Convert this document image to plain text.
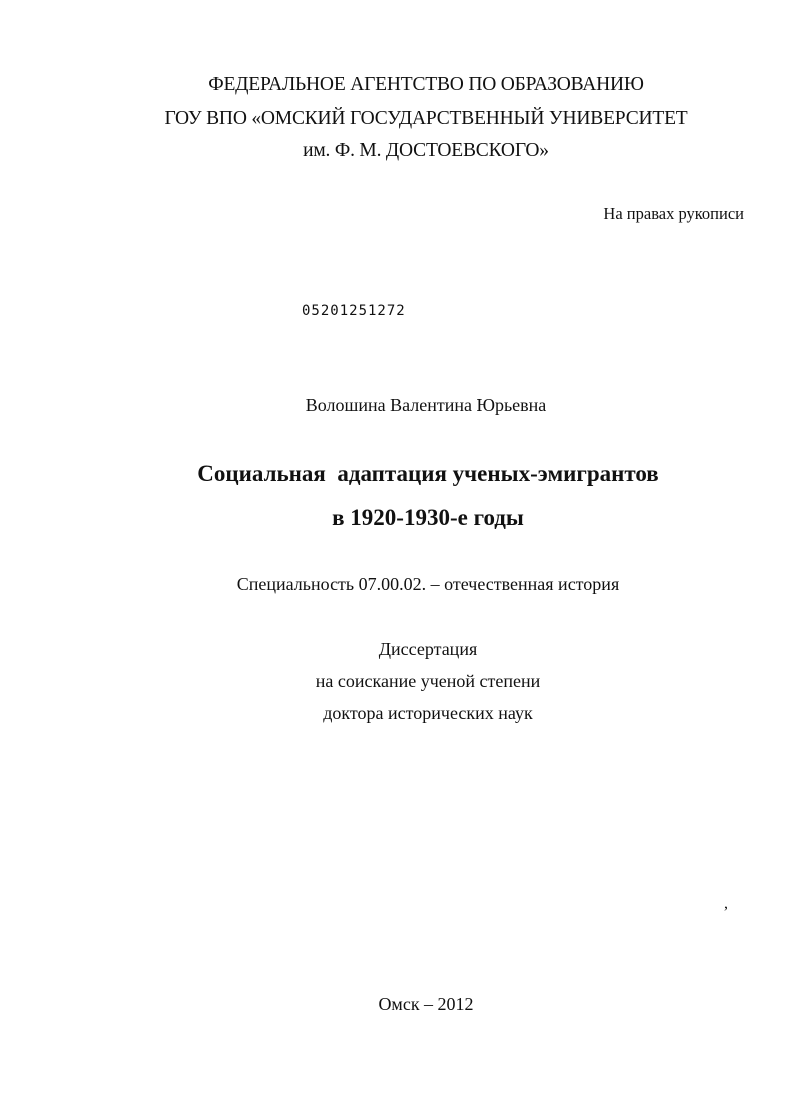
ФЕДЕРАЛЬНОЕ АГЕНТСТВО ПО ОБРАЗОВАНИЮ
ГОУ ВПО «ОМСКИЙ ГОСУДАРСТВЕННЫЙ УНИВЕРСИТЕТ
им. Ф. М. ДОСТОЕВСКОГО»
На правах рукописи
05201251272
Волошина Валентина Юрьевна
Социальная  адаптация ученых-эмигрантов
в 1920-1930-е годы
Специальность 07.00.02. – отечественная история
Диссертация
на соискание ученой степени
доктора исторических наук
,
Омск – 2012
